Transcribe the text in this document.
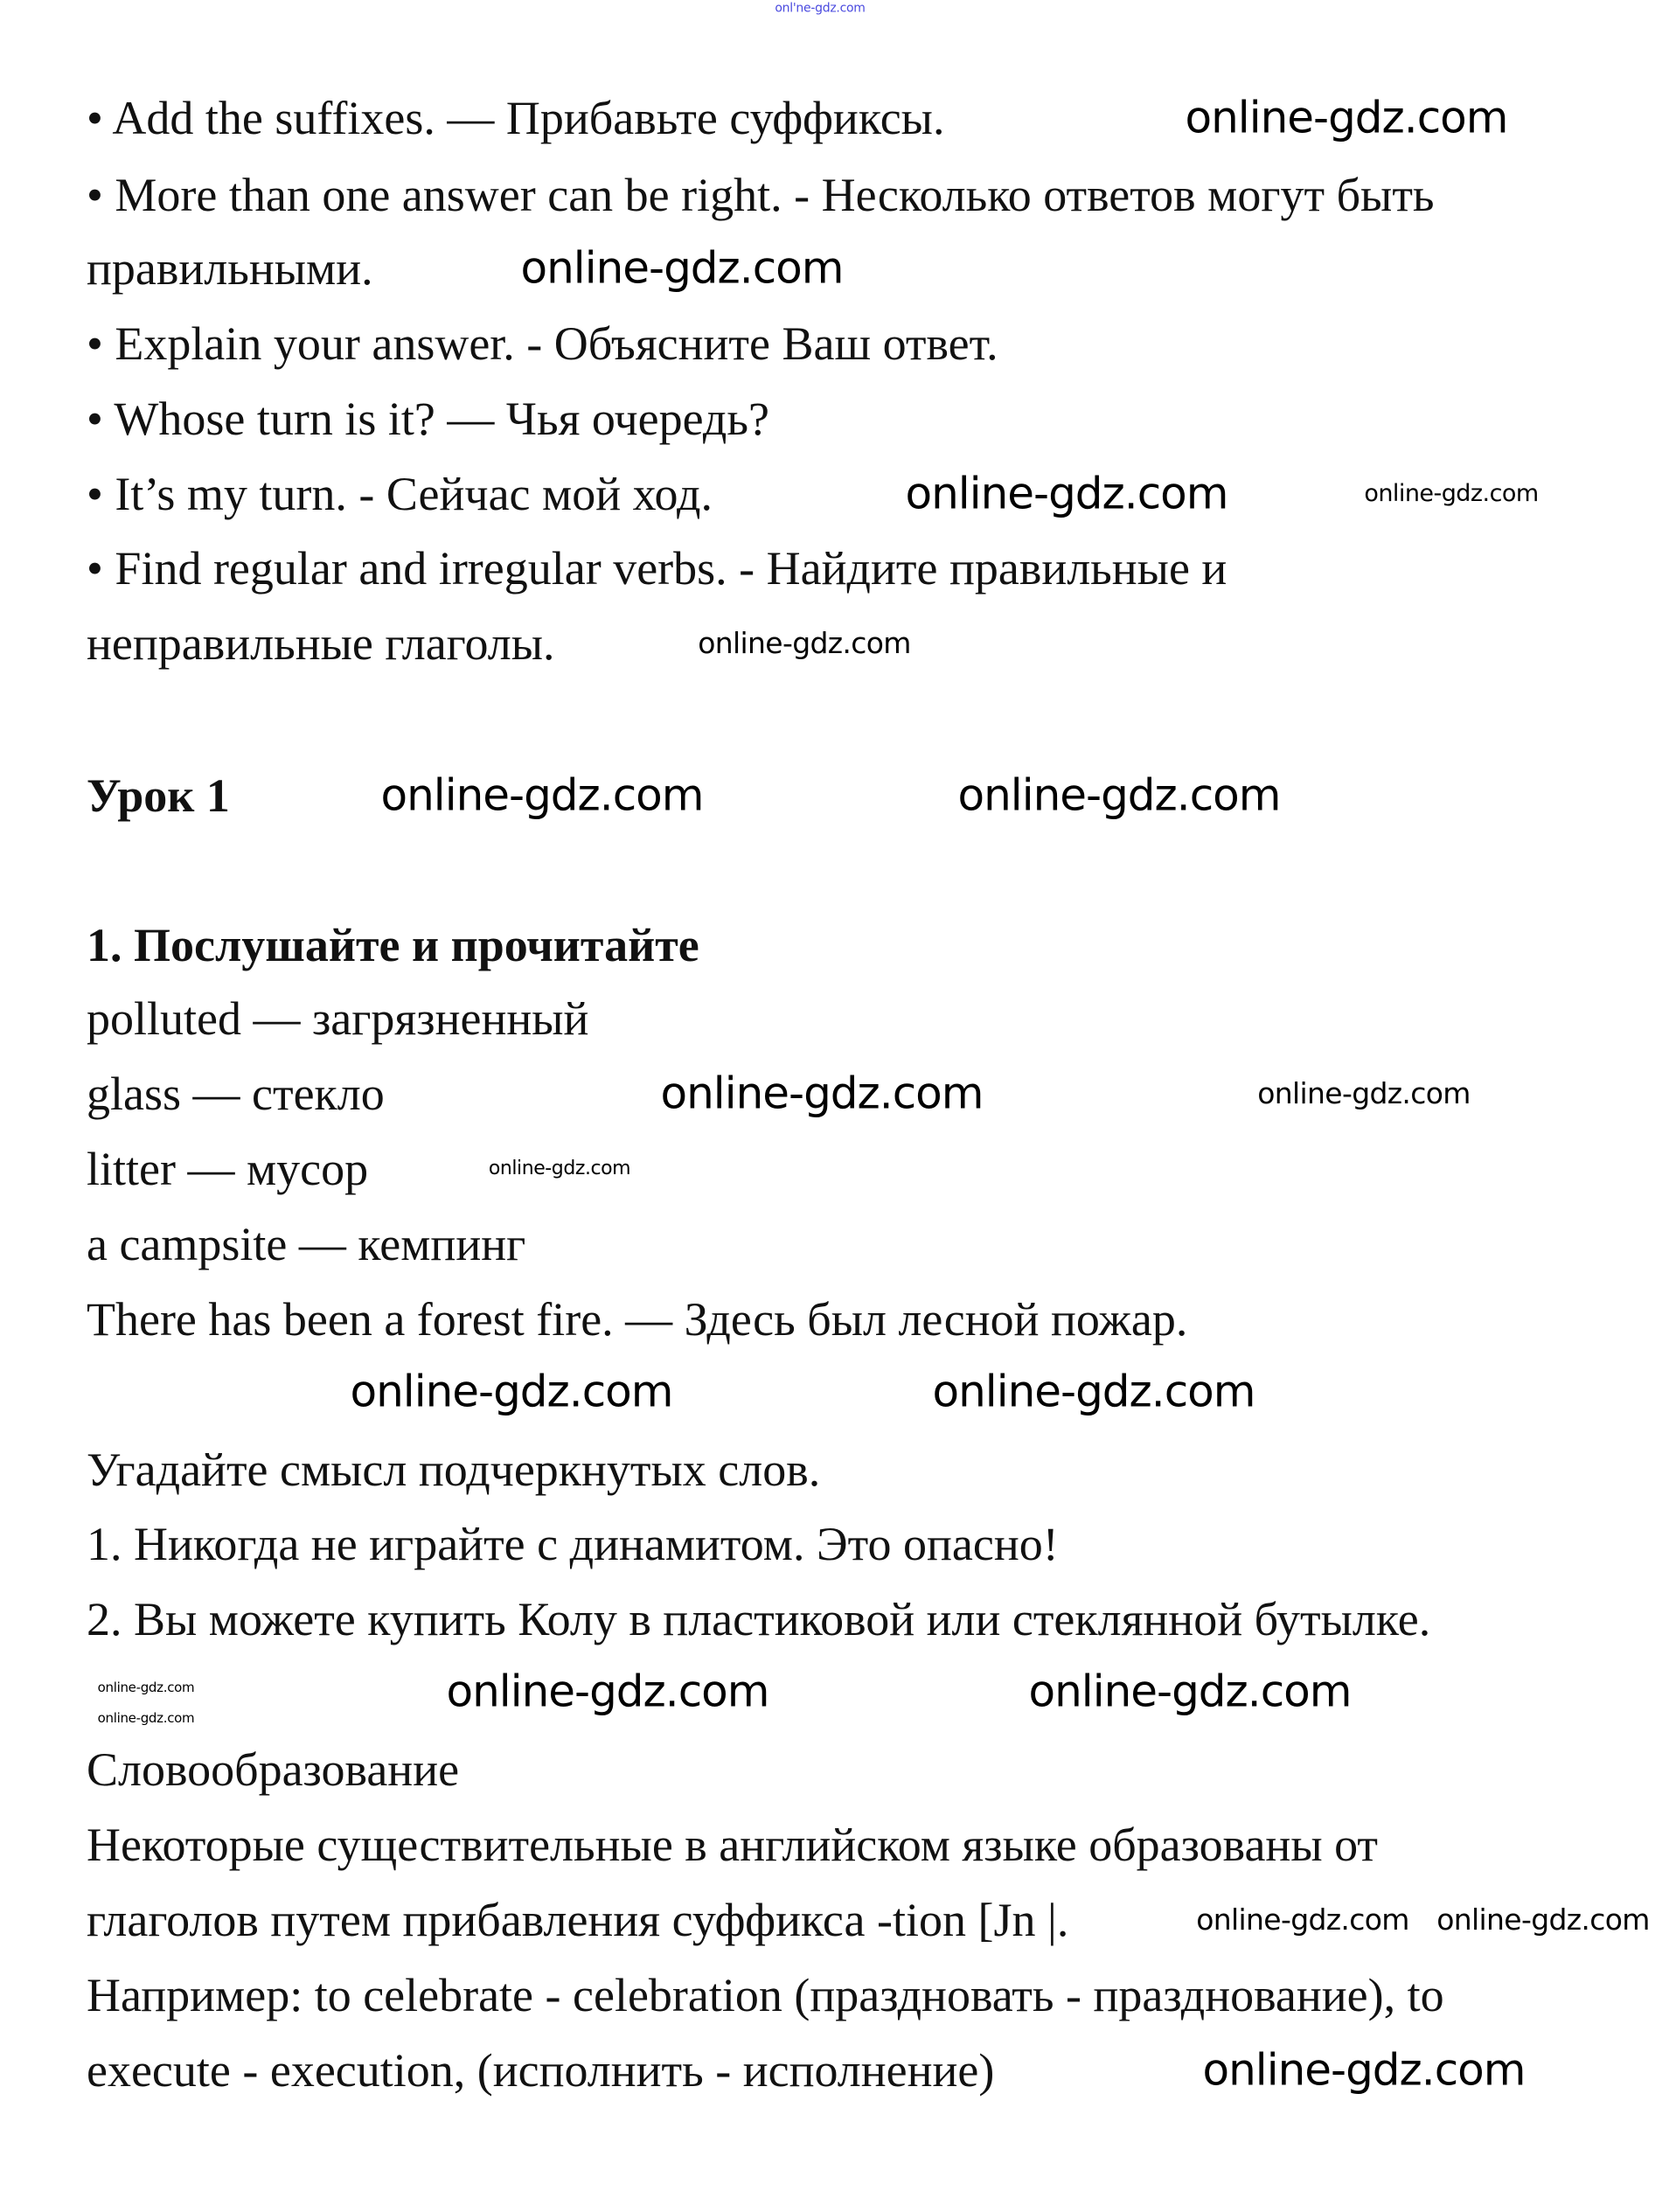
onl'ne-gdz.com
• Add the suffixes. — Прибавьте суффиксы.
• More than one answer can be right. - Несколько ответов могут быть
правильными.
• Explain your answer. - Объясните Ваш ответ.
• Whose turn is it? — Чья очередь?
• It’s my turn. - Сейчас мой ход.
• Find regular and irregular verbs. - Найдите правильные и
неправильные глаголы.
Урок 1
1. Послушайте и прочитайте
polluted — загрязненный
glass — стекло
litter — мусор
a campsite — кемпинг
There has been a forest fire. — Здесь был лесной пожар.
Угадайте смысл подчеркнутых слов.
1. Никогда не играйте с динамитом. Это опасно!
2. Вы можете купить Колу в пластиковой или стеклянной бутылке.
Словообразование
Некоторые существительные в английском языке образованы от
глаголов путем прибавления суффикса -tion [Jn |.
Например: to celebrate - celebration (праздновать - празднование), to
execute - execution, (исполнить - исполнение)
online-gdz.com
online-gdz.com
online-gdz.com
online-gdz.com
online-gdz.com
online-gdz.com	online-gdz.com
online-gdz.com	online-gdz.com
online-gdz.com
online-gdz.com	online-gdz.com
online-gdz.com	online-gdz.com	online-gdz.com
online-gdz.com
online-gdz.com online-gdz.com
online-gdz.com
